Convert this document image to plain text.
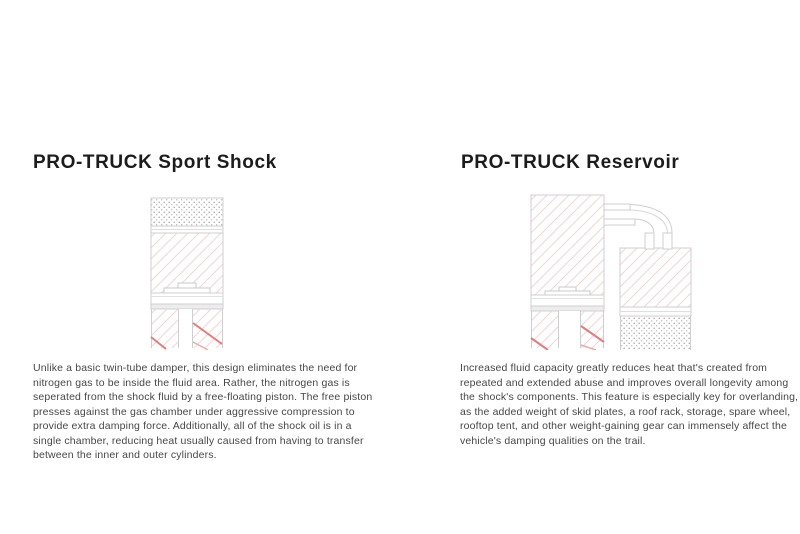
PRO-TRUCK Sport Shock

Unlike a basic twin-tube damper, this design eliminates the need for nitrogen gas to be inside the fluid area. Rather, the nitrogen gas is seperated from the shock fluid by a free-floating piston. The free piston presses against the gas chamber under aggressive compression to provide extra damping force. Additionally, all of the shock oil is in a single chamber, reducing heat usually caused from having to transfer between the inner and outer cylinders.

PRO-TRUCK Reservoir

Increased fluid capacity greatly reduces heat that's created from repeated and extended abuse and improves overall longevity among the shock's components. This feature is especially key for overlanding, as the added weight of skid plates, a roof rack, storage, spare wheel, rooftop tent, and other weight-gaining gear can immensely affect the vehicle's damping qualities on the trail.
